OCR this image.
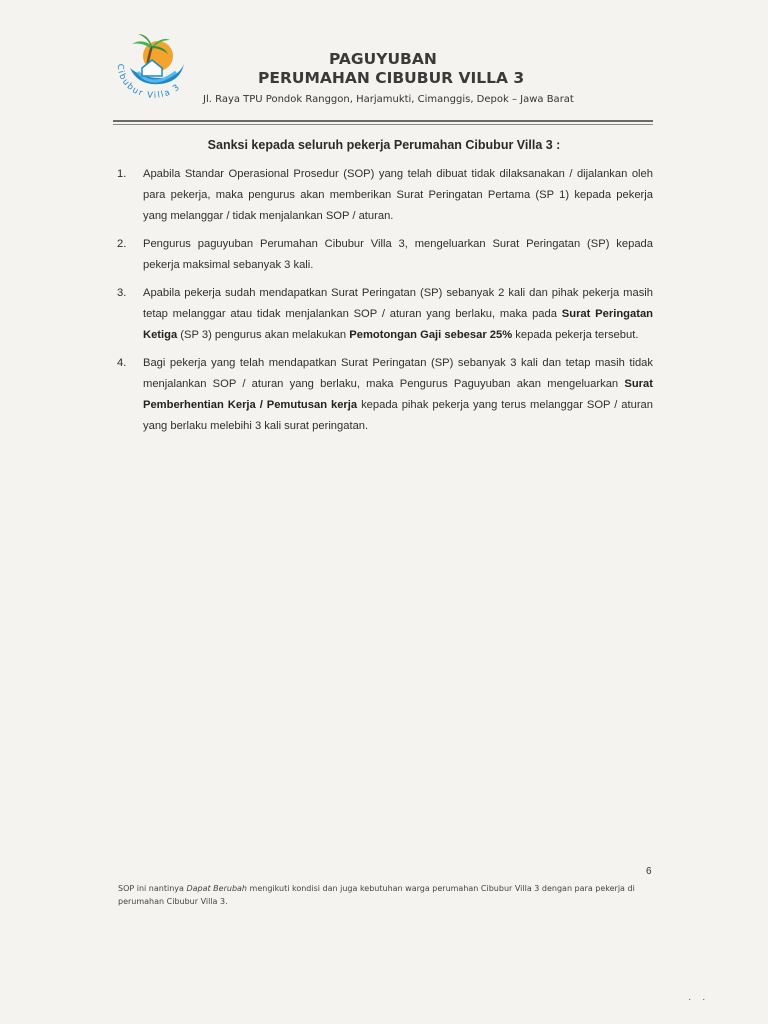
Cibubur Villa 3
PAGUYUBAN
PERUMAHAN CIBUBUR VILLA 3
Jl. Raya TPU Pondok Ranggon, Harjamukti, Cimanggis, Depok – Jawa Barat
Sanksi kepada seluruh pekerja Perumahan Cibubur Villa 3 :
1. Apabila Standar Operasional Prosedur (SOP) yang telah dibuat tidak dilaksanakan / dijalankan oleh para pekerja, maka pengurus akan memberikan Surat Peringatan Pertama (SP 1) kepada pekerja yang melanggar / tidak menjalankan SOP / aturan.
2. Pengurus paguyuban Perumahan Cibubur Villa 3, mengeluarkan Surat Peringatan (SP) kepada pekerja maksimal sebanyak 3 kali.
3. Apabila pekerja sudah mendapatkan Surat Peringatan (SP) sebanyak 2 kali dan pihak pekerja masih tetap melanggar atau tidak menjalankan SOP / aturan yang berlaku, maka pada Surat Peringatan Ketiga (SP 3) pengurus akan melakukan Pemotongan Gaji sebesar 25% kepada pekerja tersebut.
4. Bagi pekerja yang telah mendapatkan Surat Peringatan (SP) sebanyak 3 kali dan tetap masih tidak menjalankan SOP / aturan yang berlaku, maka Pengurus Paguyuban akan mengeluarkan Surat Pemberhentian Kerja / Pemutusan kerja kepada pihak pekerja yang terus melanggar SOP / aturan yang berlaku melebihi 3 kali surat peringatan.
6
SOP ini nantinya Dapat Berubah mengikuti kondisi dan juga kebutuhan warga perumahan Cibubur Villa 3 dengan para pekerja di perumahan Cibubur Villa 3.
· ·
